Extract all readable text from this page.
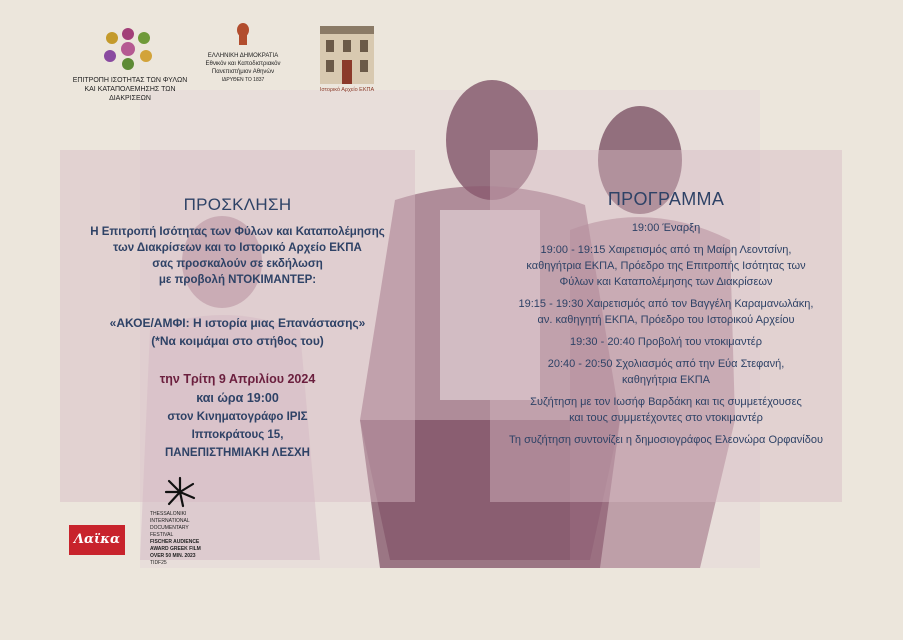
ΕΠΙΤΡΟΠΗ ΙΣΟΤΗΤΑΣ ΤΩΝ ΦΥΛΩΝ
ΚΑΙ ΚΑΤΑΠΟΛΕΜΗΣΗΣ ΤΩΝ ΔΙΑΚΡΙΣΕΩΝ
ΕΛΛΗΝΙΚΗ ΔΗΜΟΚΡΑΤΙΑ
Εθνικόν και Καποδιστριακόν
Πανεπιστήμιον Αθηνών
ΙΔΡΥΘΕΝ ΤΟ 1837
Ιστορικό Αρχείο ΕΚΠΑ
ΠΡΟΣΚΛΗΣΗ
Η Επιτροπή Ισότητας των Φύλων και Καταπολέμησης
των Διακρίσεων και το Ιστορικό Αρχείο ΕΚΠΑ
σας προσκαλούν σε εκδήλωση
με προβολή ΝΤΟΚΙΜΑΝΤΕΡ:
«ΑΚΟΕ/ΑΜΦΙ: Η ιστορία μιας Επανάστασης»
(*Να κοιμάμαι στο στήθος του)
την Τρίτη 9 Απριλίου 2024
και ώρα 19:00
στον Κινηματογράφο ΙΡΙΣ
Ιπποκράτους 15,
ΠΑΝΕΠΙΣΤΗΜΙΑΚΗ ΛΕΣΧΗ
ΠΡΟΓΡΑΜΜΑ
19:00 Έναρξη
19:00 - 19:15 Χαιρετισμός από τη Μαίρη Λεοντσίνη,
καθηγήτρια ΕΚΠΑ, Πρόεδρο της Επιτροπής Ισότητας των
Φύλων και Καταπολέμησης των Διακρίσεων
19:15 - 19:30 Χαιρετισμός από τον Βαγγέλη Καραμανωλάκη,
αν. καθηγητή ΕΚΠΑ, Πρόεδρο του Ιστορικού Αρχείου
19:30 - 20:40 Προβολή του ντοκιμαντέρ
20:40 - 20:50 Σχολιασμός από την Εύα Στεφανή,
καθηγήτρια ΕΚΠΑ
Συζήτηση με τον Ιωσήφ Βαρδάκη και τις συμμετέχουσες
και τους συμμετέχοντες στο ντοκιμαντέρ
Τη συζήτηση συντονίζει η δημοσιογράφος Ελεονώρα Ορφανίδου
Λαϊκα
THESSALONIKI
INTERNATIONAL
DOCUMENTARY FESTIVAL
FISCHER AUDIENCE
AWARD GREEK FILM
OVER 50 MIN. 2023
TIDF25
